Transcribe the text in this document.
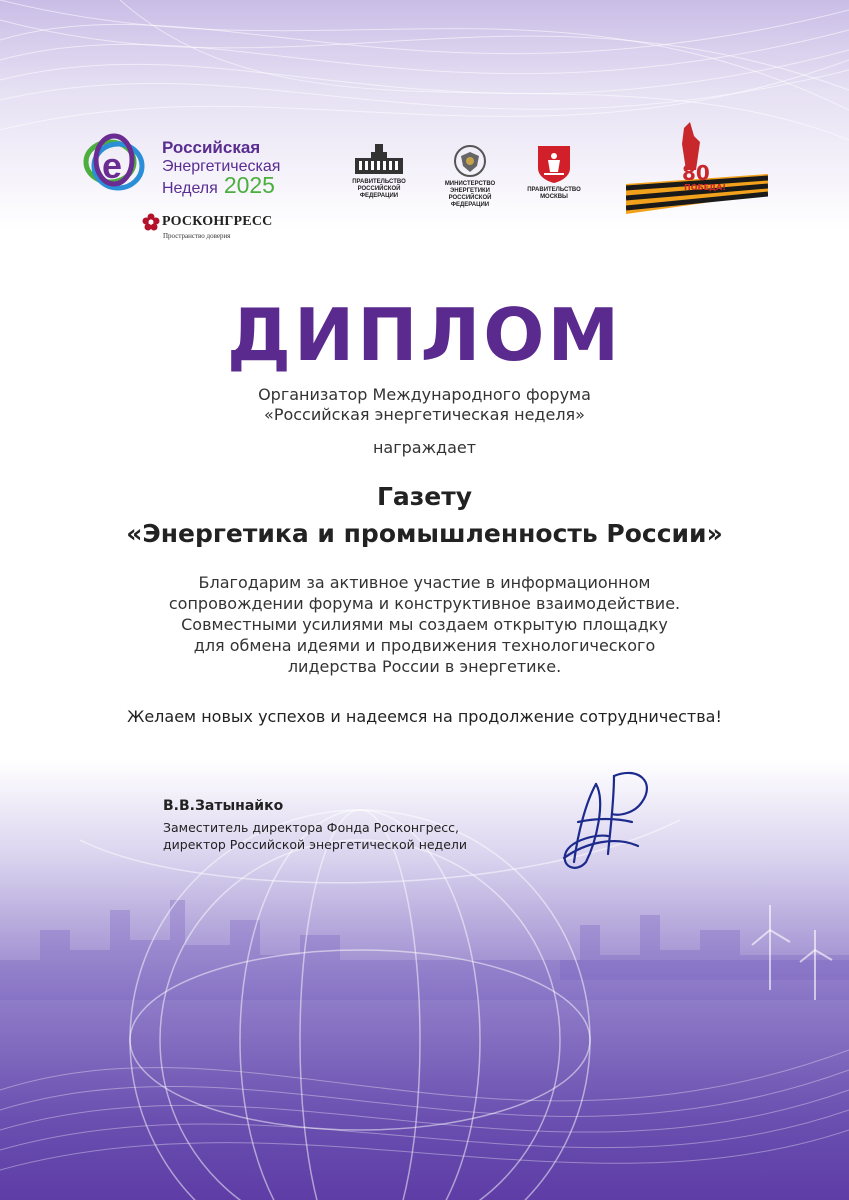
e Российская
Энергетическая
Неделя 2025
РОСКОНГРЕСС
Пространство доверия
ПРАВИТЕЛЬСТВО РОССИЙСКОЙ ФЕДЕРАЦИИ
МИНИСТЕРСТВО ЭНЕРГЕТИКИ РОССИЙСКОЙ ФЕДЕРАЦИИ
ПРАВИТЕЛЬСТВО МОСКВЫ
80
ПОБЕДА!
ДИПЛОМ
Организатор Международного форума
«Российская энергетическая неделя»
награждает
Газету
«Энергетика и промышленность России»
Благодарим за активное участие в информационном
сопровождении форума и конструктивное взаимодействие.
Совместными усилиями мы создаем открытую площадку
для обмена идеями и продвижения технологического
лидерства России в энергетике.
Желаем новых успехов и надеемся на продолжение сотрудничества!
В.В.Затынайко
Заместитель директора Фонда Росконгресс,
директор Российской энергетической недели
